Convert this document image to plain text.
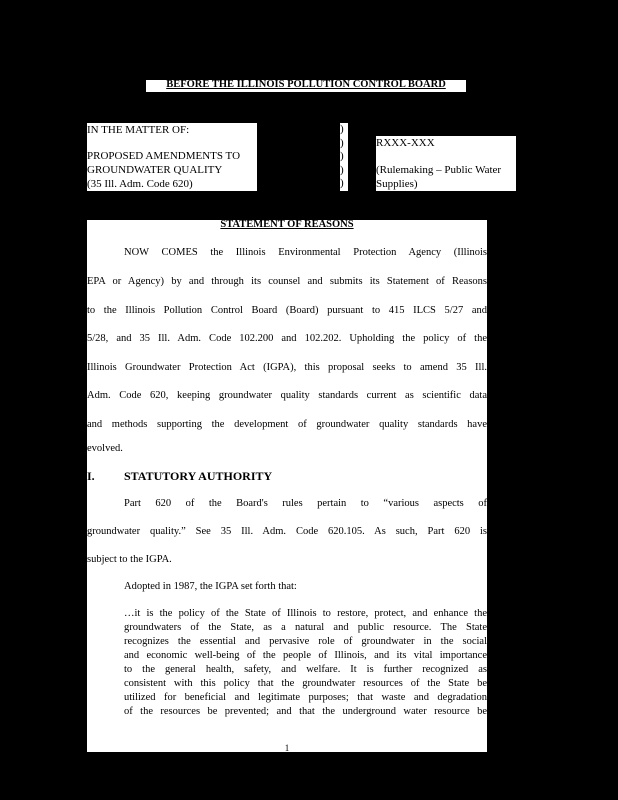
BEFORE THE ILLINOIS POLLUTION CONTROL BOARD
IN THE MATTER OF:
PROPOSED AMENDMENTS TO
GROUNDWATER QUALITY
(35 Ill. Adm. Code 620)
)
)
)
)
)
RXXX-XXX
(Rulemaking – Public Water
Supplies)
STATEMENT OF REASONS
NOW COMES the Illinois Environmental Protection Agency (Illinois
EPA or Agency) by and through its counsel and submits its Statement of Reasons
to the Illinois Pollution Control Board (Board) pursuant to 415 ILCS 5/27 and
5/28, and 35 Ill. Adm. Code 102.200 and 102.202. Upholding the policy of the
Illinois Groundwater Protection Act (IGPA), this proposal seeks to amend 35 Ill.
Adm. Code 620, keeping groundwater quality standards current as scientific data
and methods supporting the development of groundwater quality standards have
evolved.
I. STATUTORY AUTHORITY
Part 620 of the Board's rules pertain to “various aspects of
groundwater quality.” See 35 Ill. Adm. Code 620.105. As such, Part 620 is
subject to the IGPA.
Adopted in 1987, the IGPA set forth that:
…it is the policy of the State of Illinois to restore, protect, and enhance the
groundwaters of the State, as a natural and public resource. The State
recognizes the essential and pervasive role of groundwater in the social
and economic well-being of the people of Illinois, and its vital importance
to the general health, safety, and welfare. It is further recognized as
consistent with this policy that the groundwater resources of the State be
utilized for beneficial and legitimate purposes; that waste and degradation
of the resources be prevented; and that the underground water resource be
1
